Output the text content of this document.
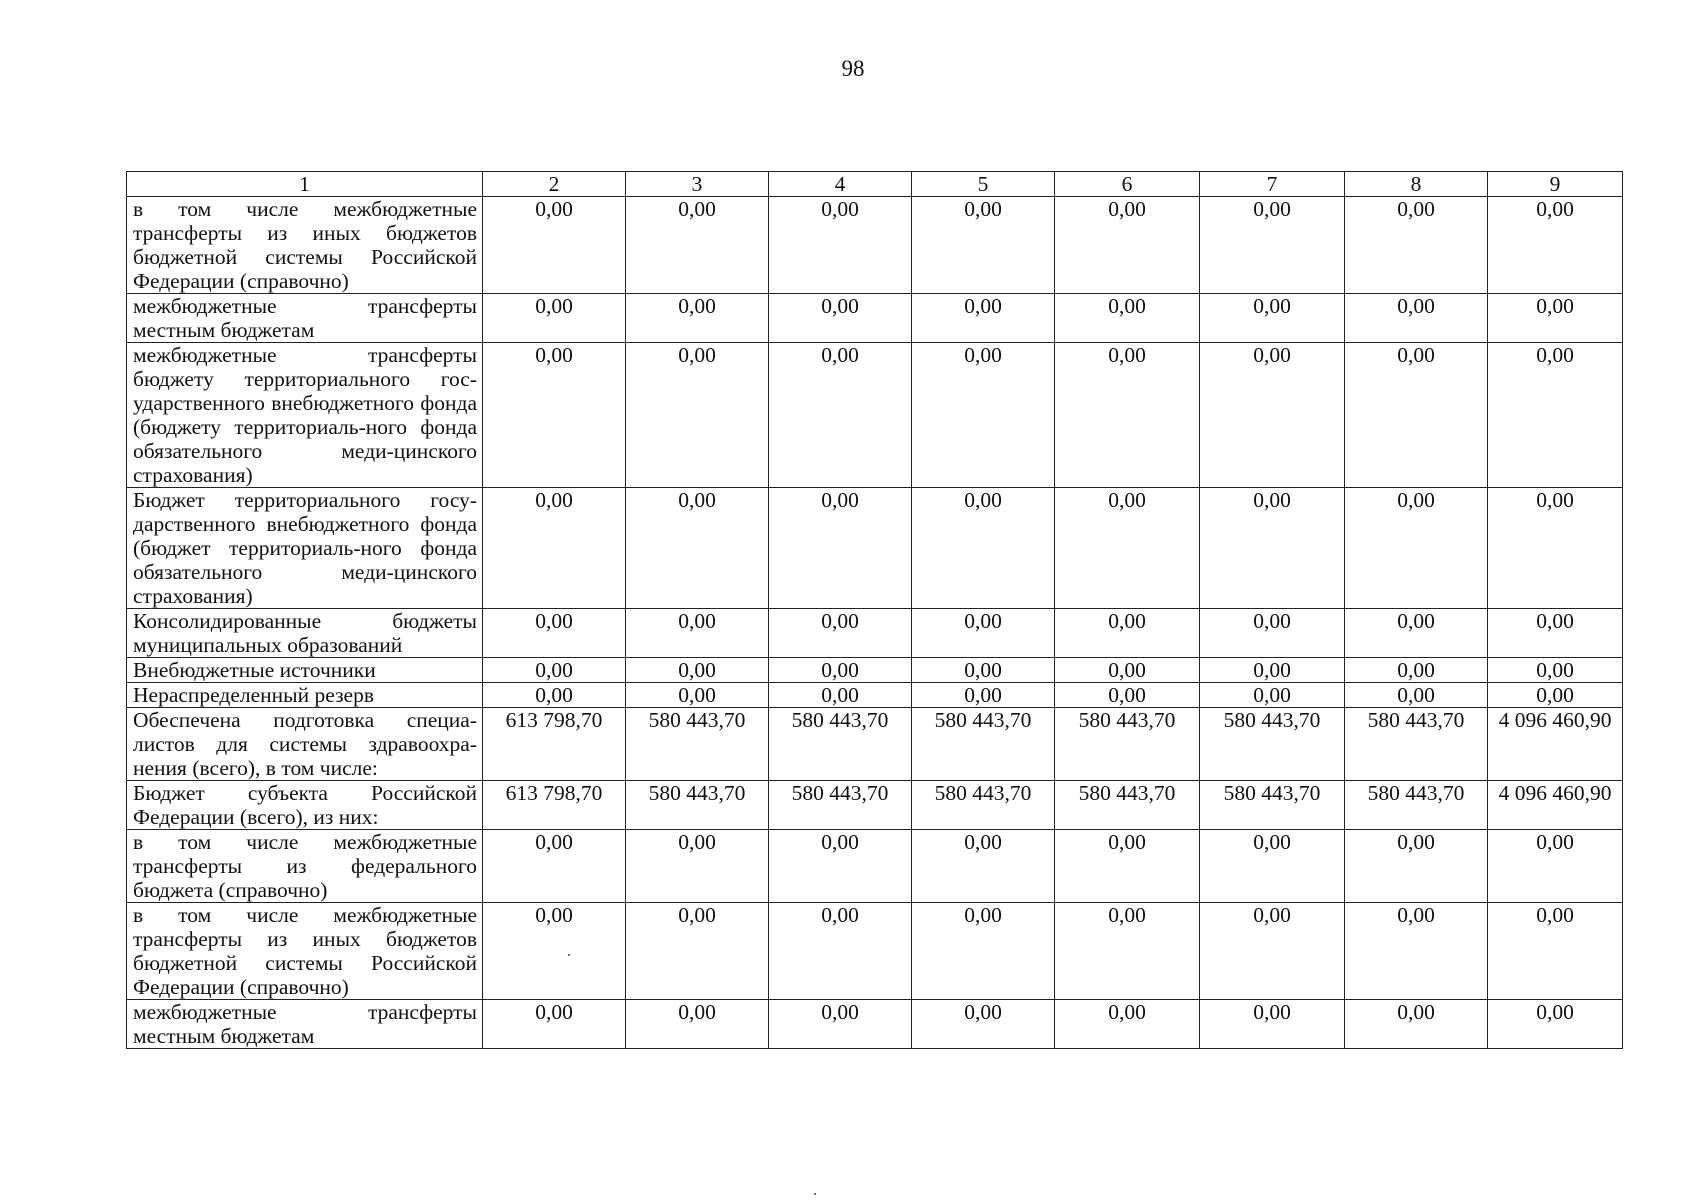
98
1	2	3	4	5	6	7	8	9
в том числе межбюджетные трансферты из иных бюджетов бюджетной системы Российской Федерации (справочно)	0,00	0,00	0,00	0,00	0,00	0,00	0,00	0,00
межбюджетные трансферты местным бюджетам	0,00	0,00	0,00	0,00	0,00	0,00	0,00	0,00
межбюджетные трансферты бюджету территориального гос-ударственного внебюджетного фонда (бюджету территориаль-ного фонда обязательного меди-цинского страхования)	0,00	0,00	0,00	0,00	0,00	0,00	0,00	0,00
Бюджет территориального госу-дарственного внебюджетного фонда (бюджет территориаль-ного фонда обязательного меди-цинского страхования)	0,00	0,00	0,00	0,00	0,00	0,00	0,00	0,00
Консолидированные бюджеты муниципальных образований	0,00	0,00	0,00	0,00	0,00	0,00	0,00	0,00
Внебюджетные источники	0,00	0,00	0,00	0,00	0,00	0,00	0,00	0,00
Нераспределенный резерв	0,00	0,00	0,00	0,00	0,00	0,00	0,00	0,00
Обеспечена подготовка специа-листов для системы здравоохра-нения (всего), в том числе:	613 798,70	580 443,70	580 443,70	580 443,70	580 443,70	580 443,70	580 443,70	4 096 460,90
Бюджет субъекта Российской Федерации (всего), из них:	613 798,70	580 443,70	580 443,70	580 443,70	580 443,70	580 443,70	580 443,70	4 096 460,90
в том числе межбюджетные трансферты из федерального бюджета (справочно)	0,00	0,00	0,00	0,00	0,00	0,00	0,00	0,00
в том числе межбюджетные трансферты из иных бюджетов бюджетной системы Российской Федерации (справочно)	0,00	0,00	0,00	0,00	0,00	0,00	0,00	0,00
межбюджетные трансферты местным бюджетам	0,00	0,00	0,00	0,00	0,00	0,00	0,00	0,00
